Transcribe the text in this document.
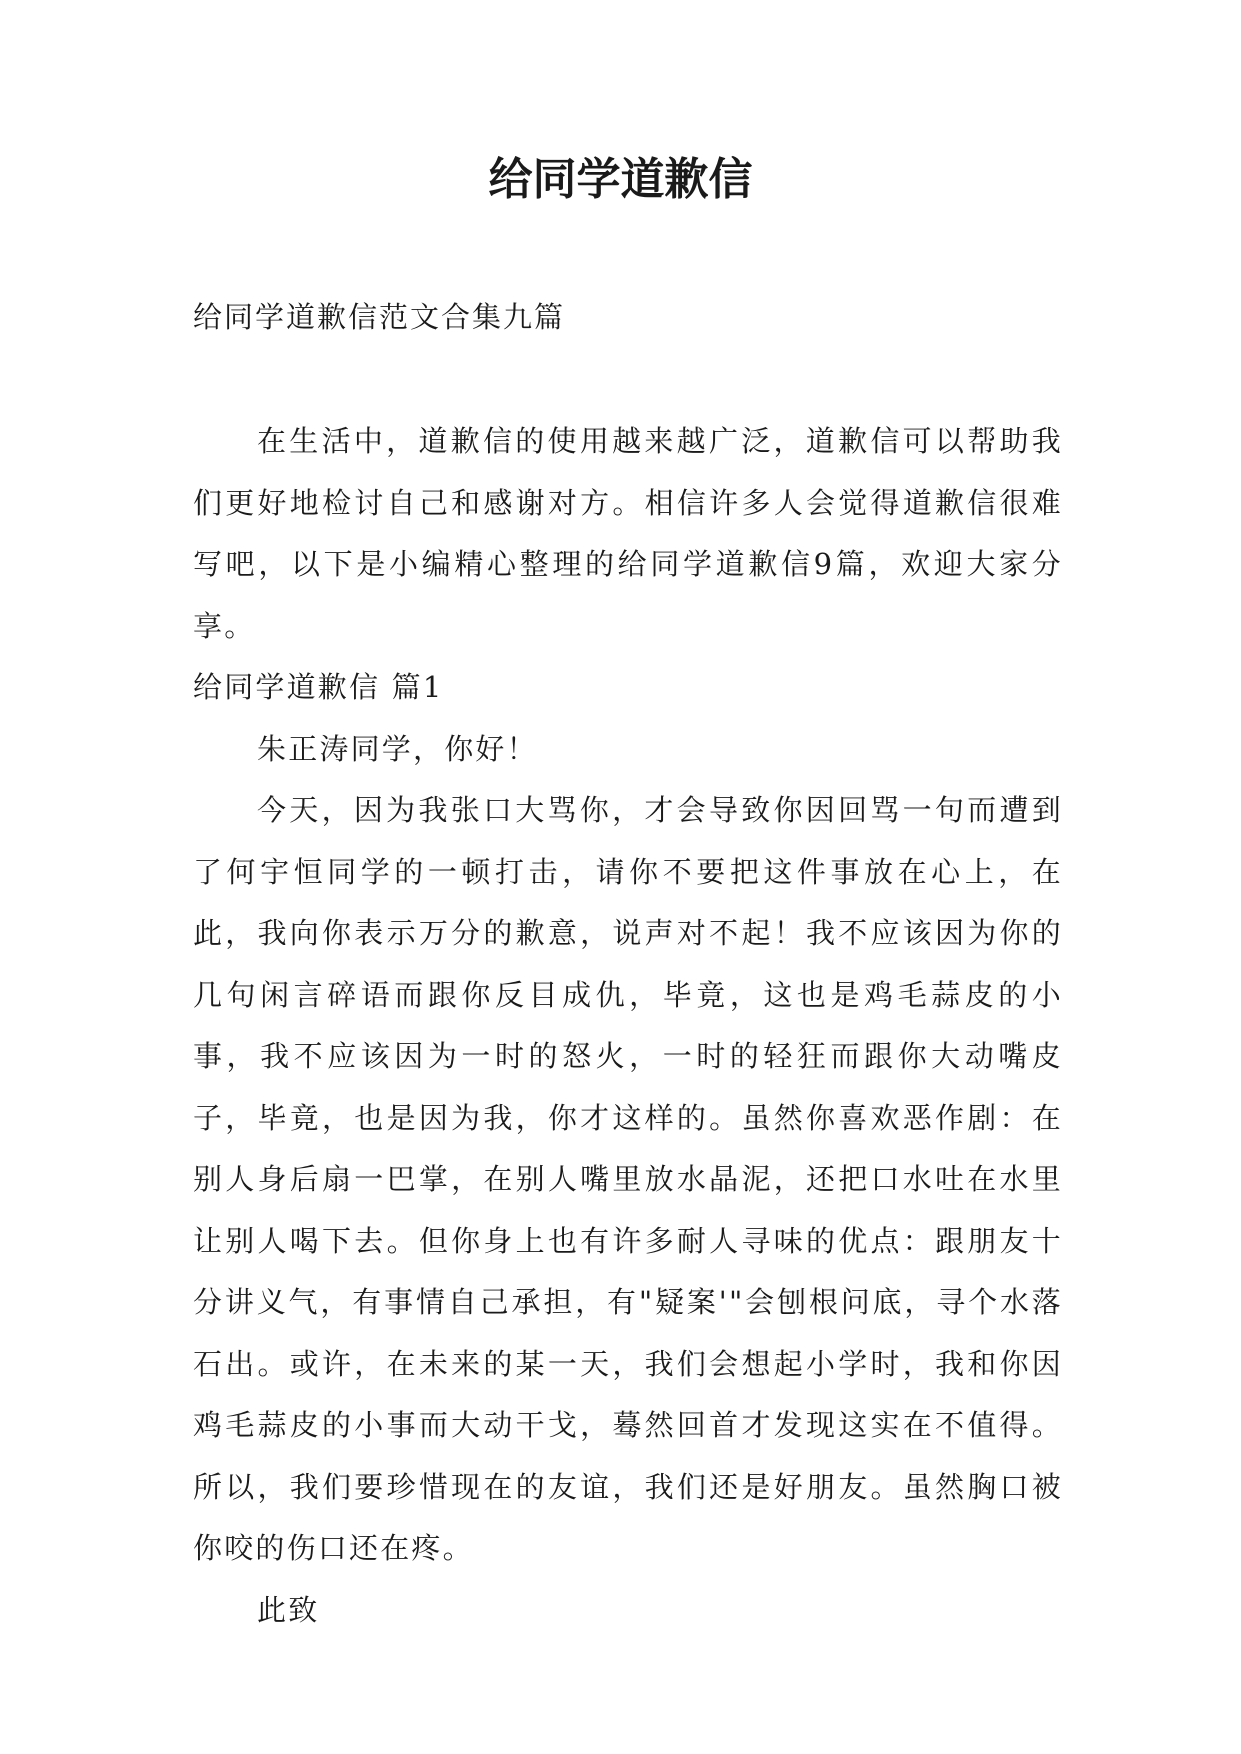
给同学道歉信

给同学道歉信范文合集九篇

在生活中，道歉信的使用越来越广泛，道歉信可以帮助我们更好地检讨自己和感谢对方。相信许多人会觉得道歉信很难写吧，以下是小编精心整理的给同学道歉信9篇，欢迎大家分享。

给同学道歉信 篇1

朱正涛同学，你好！

今天，因为我张口大骂你，才会导致你因回骂一句而遭到了何宇恒同学的一顿打击，请你不要把这件事放在心上，在此，我向你表示万分的歉意，说声对不起！我不应该因为你的几句闲言碎语而跟你反目成仇，毕竟，这也是鸡毛蒜皮的小事，我不应该因为一时的怒火，一时的轻狂而跟你大动嘴皮子，毕竟，也是因为我，你才这样的。虽然你喜欢恶作剧：在别人身后扇一巴掌，在别人嘴里放水晶泥，还把口水吐在水里让别人喝下去。但你身上也有许多耐人寻味的优点：跟朋友十分讲义气，有事情自己承担，有"疑案'"会刨根问底，寻个水落石出。或许，在未来的某一天，我们会想起小学时，我和你因鸡毛蒜皮的小事而大动干戈，蓦然回首才发现这实在不值得。所以，我们要珍惜现在的友谊，我们还是好朋友。虽然胸口被你咬的伤口还在疼。

此致
